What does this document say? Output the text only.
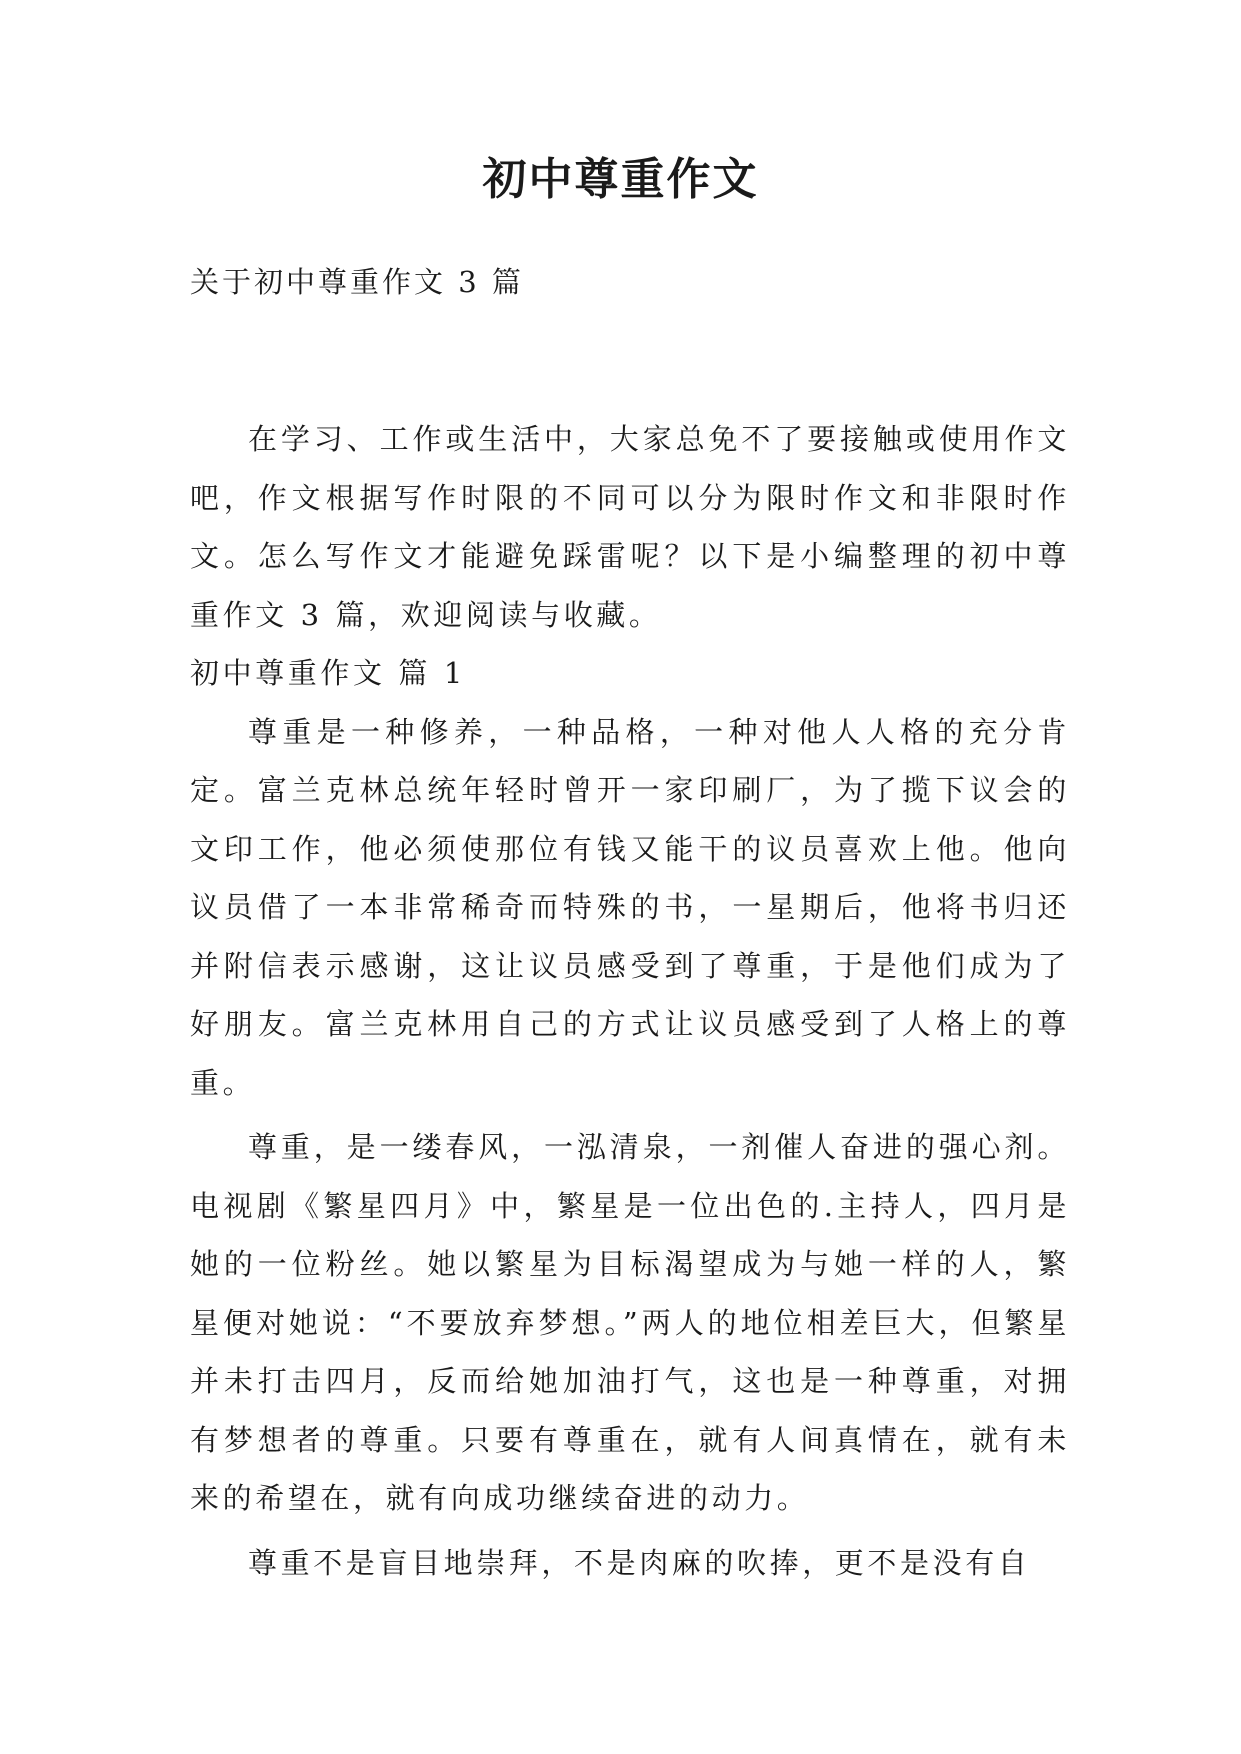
初中尊重作文

关于初中尊重作文 3 篇

在学习、工作或生活中，大家总免不了要接触或使用作文吧，作文根据写作时限的不同可以分为限时作文和非限时作文。怎么写作文才能避免踩雷呢？以下是小编整理的初中尊重作文 3 篇，欢迎阅读与收藏。

初中尊重作文 篇 1

尊重是一种修养，一种品格，一种对他人人格的充分肯定。富兰克林总统年轻时曾开一家印刷厂，为了揽下议会的文印工作，他必须使那位有钱又能干的议员喜欢上他。他向议员借了一本非常稀奇而特殊的书，一星期后，他将书归还并附信表示感谢，这让议员感受到了尊重，于是他们成为了好朋友。富兰克林用自己的方式让议员感受到了人格上的尊重。

尊重，是一缕春风，一泓清泉，一剂催人奋进的强心剂。电视剧《繁星四月》中，繁星是一位出色的.主持人，四月是她的一位粉丝。她以繁星为目标渴望成为与她一样的人，繁星便对她说：“不要放弃梦想。”两人的地位相差巨大，但繁星并未打击四月，反而给她加油打气，这也是一种尊重，对拥有梦想者的尊重。只要有尊重在，就有人间真情在，就有未来的希望在，就有向成功继续奋进的动力。

尊重不是盲目地崇拜，不是肉麻的吹捧，更不是没有自
